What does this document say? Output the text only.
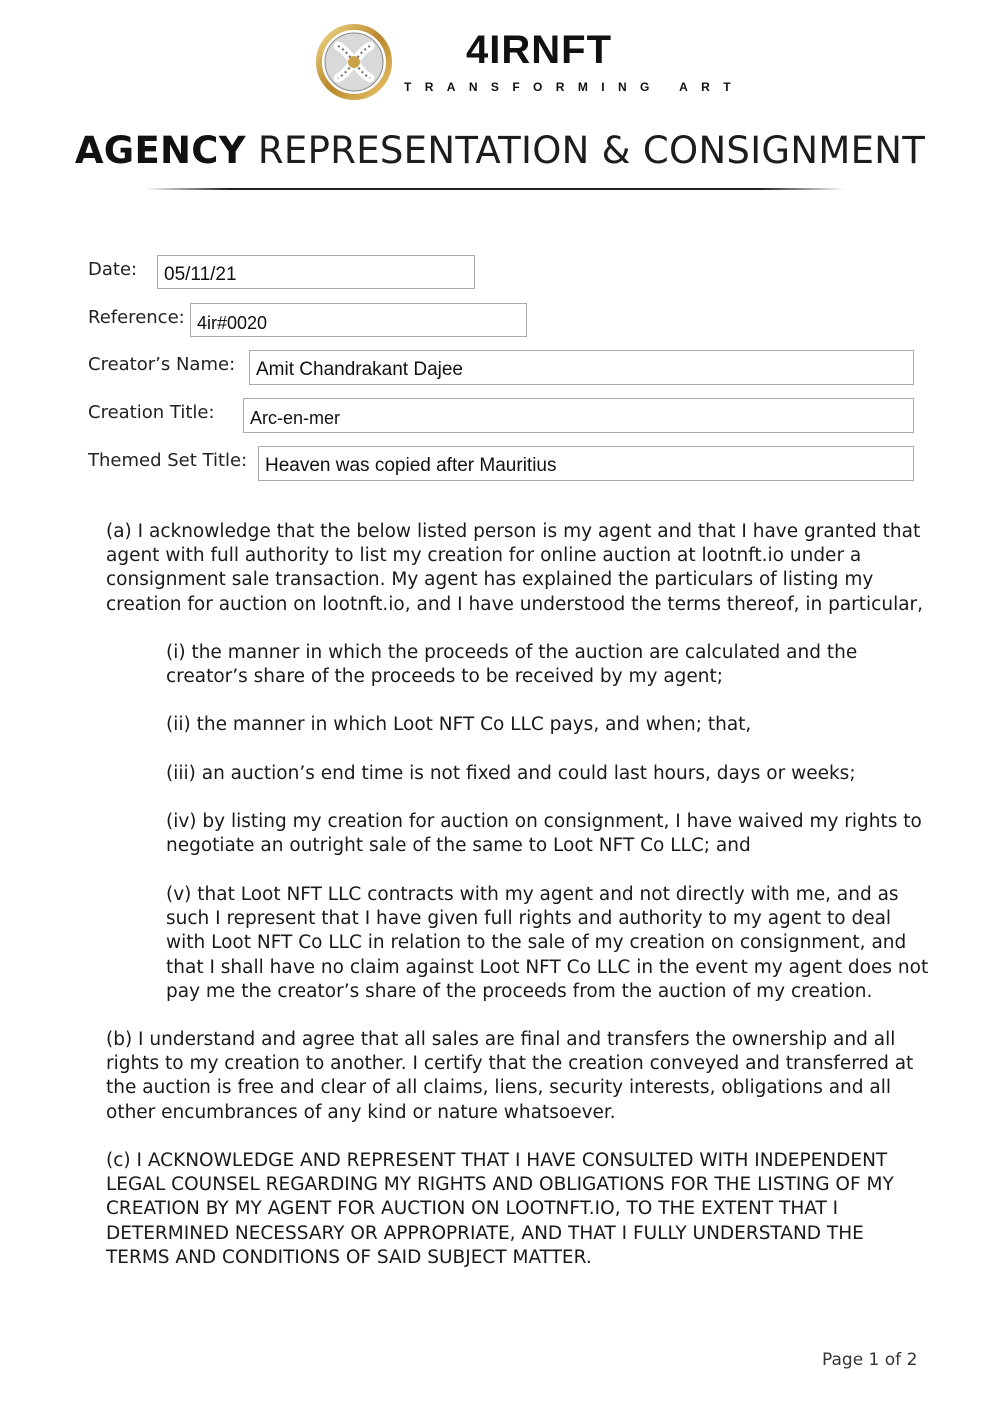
4IRNFT
TRANSFORMING ART
AGENCY REPRESENTATION & CONSIGNMENT
Date:	05/11/21
Reference: 4ir#0020
Creator’s Name:	Amit Chandrakant Dajee
Creation Title:	Arc-en-mer
Themed Set Title: Heaven was copied after Mauritius

(a) I acknowledge that the below listed person is my agent and that I have granted that agent with full authority to list my creation for online auction at lootnft.io under a consignment sale transaction. My agent has explained the particulars of listing my creation for auction on lootnft.io, and I have understood the terms thereof, in particular,

(i) the manner in which the proceeds of the auction are calculated and the creator’s share of the proceeds to be received by my agent;

(ii) the manner in which Loot NFT Co LLC pays, and when; that,

(iii) an auction’s end time is not fixed and could last hours, days or weeks;

(iv) by listing my creation for auction on consignment, I have waived my rights to negotiate an outright sale of the same to Loot NFT Co LLC; and

(v) that Loot NFT LLC contracts with my agent and not directly with me, and as such I represent that I have given full rights and authority to my agent to deal with Loot NFT Co LLC in relation to the sale of my creation on consignment, and that I shall have no claim against Loot NFT Co LLC in the event my agent does not pay me the creator’s share of the proceeds from the auction of my creation.

(b) I understand and agree that all sales are final and transfers the ownership and all rights to my creation to another. I certify that the creation conveyed and transferred at the auction is free and clear of all claims, liens, security interests, obligations and all other encumbrances of any kind or nature whatsoever.

(c) I ACKNOWLEDGE AND REPRESENT THAT I HAVE CONSULTED WITH INDEPENDENT LEGAL COUNSEL REGARDING MY RIGHTS AND OBLIGATIONS FOR THE LISTING OF MY CREATION BY MY AGENT FOR AUCTION ON LOOTNFT.IO, TO THE EXTENT THAT I DETERMINED NECESSARY OR APPROPRIATE, AND THAT I FULLY UNDERSTAND THE TERMS AND CONDITIONS OF SAID SUBJECT MATTER.

Page 1 of 2
